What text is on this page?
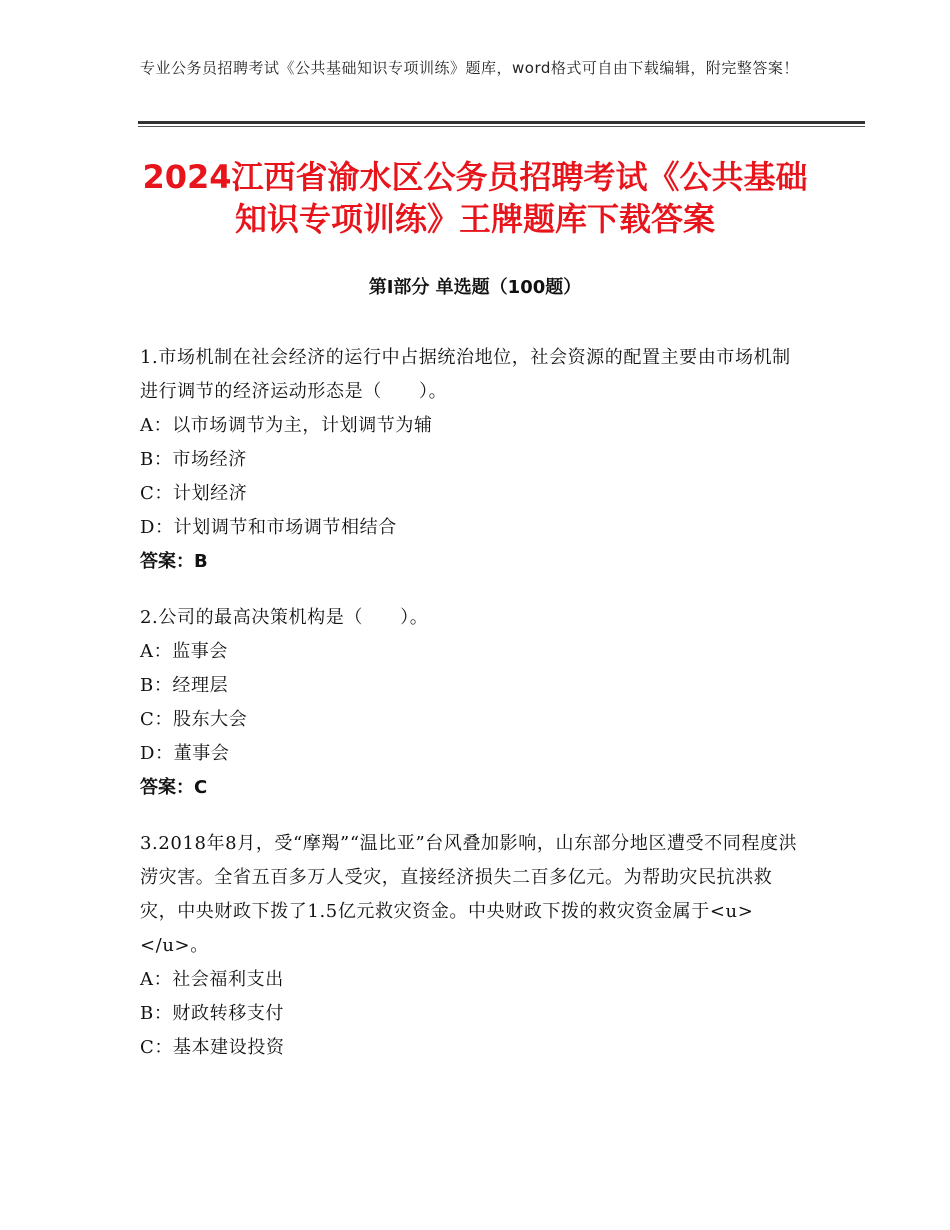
专业公务员招聘考试《公共基础知识专项训练》题库，word格式可自由下载编辑，附完整答案！
2024江西省渝水区公务员招聘考试《公共基础知识专项训练》王牌题库下载答案
第Ⅰ部分 单选题（100题）
1.市场机制在社会经济的运行中占据统治地位，社会资源的配置主要由市场机制进行调节的经济运动形态是（　　）。
A：以市场调节为主，计划调节为辅
B：市场经济
C：计划经济
D：计划调节和市场调节相结合
答案：B
2.公司的最高决策机构是（　　）。
A：监事会
B：经理层
C：股东大会
D：董事会
答案：C
3.2018年8月，受“摩羯”“温比亚”台风叠加影响，山东部分地区遭受不同程度洪涝灾害。全省五百多万人受灾，直接经济损失二百多亿元。为帮助灾民抗洪救灾，中央财政下拨了1.5亿元救灾资金。中央财政下拨的救灾资金属于<u>　　　</u>。
A：社会福利支出
B：财政转移支付
C：基本建设投资
